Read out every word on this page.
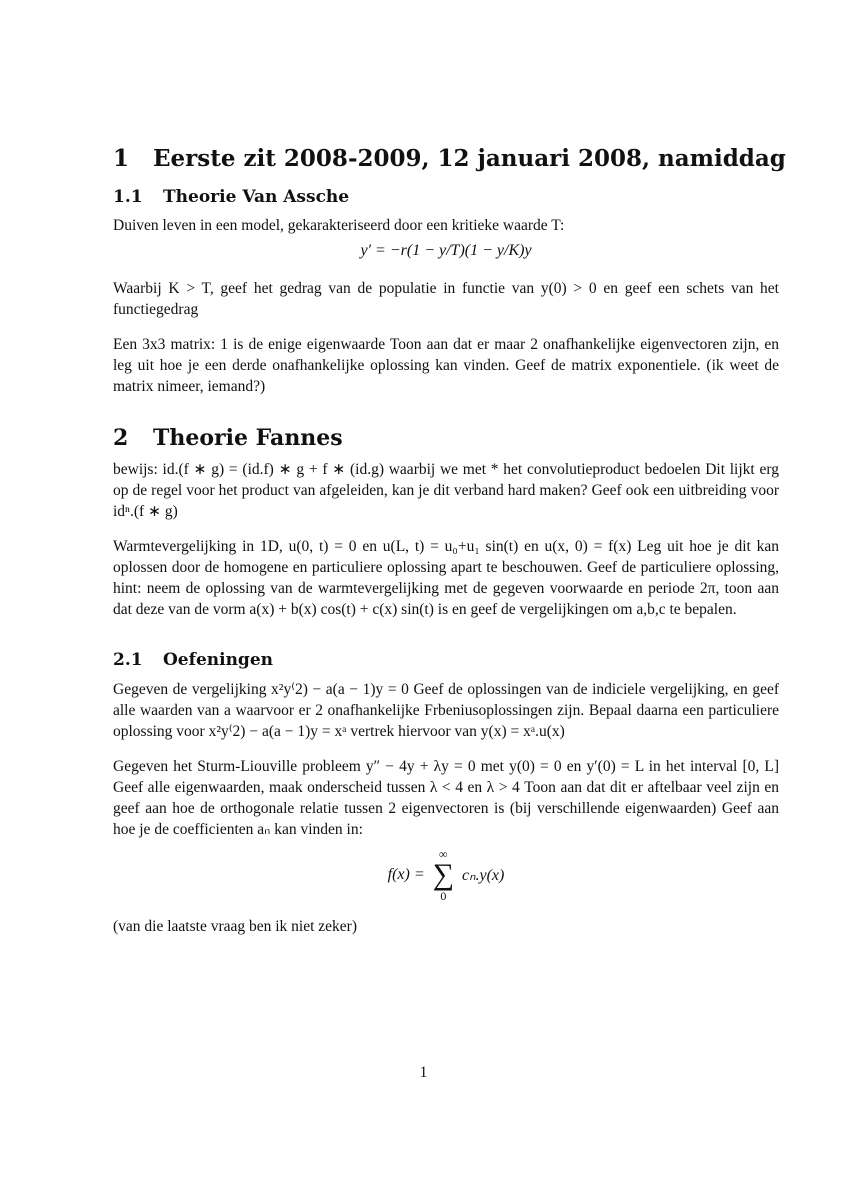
1 Eerste zit 2008-2009, 12 januari 2008, namiddag
1.1 Theorie Van Assche

Duiven leven in een model, gekarakteriseerd door een kritieke waarde T:

y′ = −r(1 − y/T)(1 − y/K)y

Waarbij K > T, geef het gedrag van de populatie in functie van y(0) > 0 en geef een schets van het functiegedrag

Een 3x3 matrix: 1 is de enige eigenwaarde Toon aan dat er maar 2 onafhankelijke eigenvectoren zijn, en leg uit hoe je een derde onafhankelijke oplossing kan vinden. Geef de matrix exponentiele. (ik weet de matrix nimeer, iemand?)

2 Theorie Fannes

bewijs: id.(f ∗ g) = (id.f) ∗ g + f ∗ (id.g) waarbij we met * het convolutieproduct bedoelen Dit lijkt erg op de regel voor het product van afgeleiden, kan je dit verband hard maken? Geef ook een uitbreiding voor idⁿ.(f ∗ g)

Warmtevergelijking in 1D, u(0, t) = 0 en u(L, t) = u₀+u₁ sin(t) en u(x, 0) = f(x) Leg uit hoe je dit kan oplossen door de homogene en particuliere oplossing apart te beschouwen. Geef de particuliere oplossing, hint: neem de oplossing van de warmtevergelijking met de gegeven voorwaarde en periode 2π, toon aan dat deze van de vorm a(x) + b(x) cos(t) + c(x) sin(t) is en geef de vergelijkingen om a,b,c te bepalen.

2.1 Oefeningen

Gegeven de vergelijking x²y⁽2) − a(a − 1)y = 0 Geef de oplossingen van de indiciele vergelijking, en geef alle waarden van a waarvoor er 2 onafhankelijke Frbeniusoplossingen zijn. Bepaal daarna een particuliere oplossing voor x²y⁽2) − a(a − 1)y = xᵃ vertrek hiervoor van y(x) = xᵃ.u(x)

Gegeven het Sturm-Liouville probleem y″ − 4y + λy = 0 met y(0) = 0 en y′(0) = L in het interval [0, L] Geef alle eigenwaarden, maak onderscheid tussen λ < 4 en λ > 4 Toon aan dat dit er aftelbaar veel zijn en geef aan hoe de orthogonale relatie tussen 2 eigenvectoren is (bij verschillende eigenwaarden) Geef aan hoe je de coefficienten aₙ kan vinden in:

f(x) =
∞
∑
0
cₙ.y(x)

(van die laatste vraag ben ik niet zeker)

1
